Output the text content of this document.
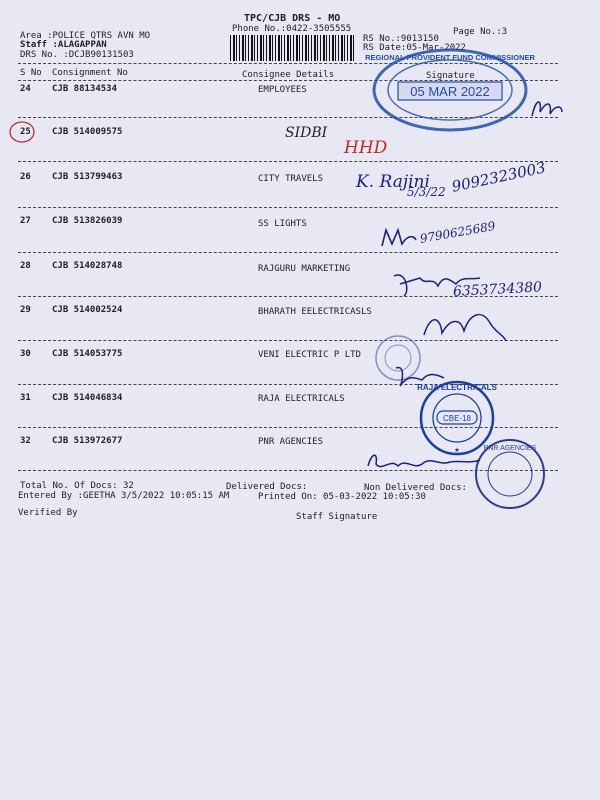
TPC/CJB DRS - MO
Phone No.:0422-3505555
Area :POLICE QTRS AVN MO
Staff :ALAGAPPAN
DRS No. :DCJB90131503
RS No.:9013150
RS Date:05-Mar-2022
Page No.:3
S No Consignment No	Consignee Details	Signature
24 CJB 88134534	EMPLOYEES
25 CJB 514009575
26 CJB 513799463	CITY TRAVELS
27 CJB 513826039	SS LIGHTS
28 CJB 514028748	RAJGURU MARKETING
29 CJB 514002524	BHARATH EELECTRICASLS
30 CJB 514053775	VENI ELECTRIC P LTD
31 CJB 514046834	RAJA ELECTRICALS
32 CJB 513972677	PNR AGENCIES
Total No. Of Docs: 32	Delivered Docs:	Non Delivered Docs:
Entered By :GEETHA 3/5/2022 10:05:15 AM	Printed On: 05-03-2022 10:05:30
Verified By	Staff Signature
REGIONAL PROVIDENT FUND COMMISSIONER
05 MAR 2022
RAJA ELECTRICALS
CBE-18
★	PNR AGENCIES
SIDBI
HHD
K. Rajini
5/3/22 9092323003
9790625689
6353734380
